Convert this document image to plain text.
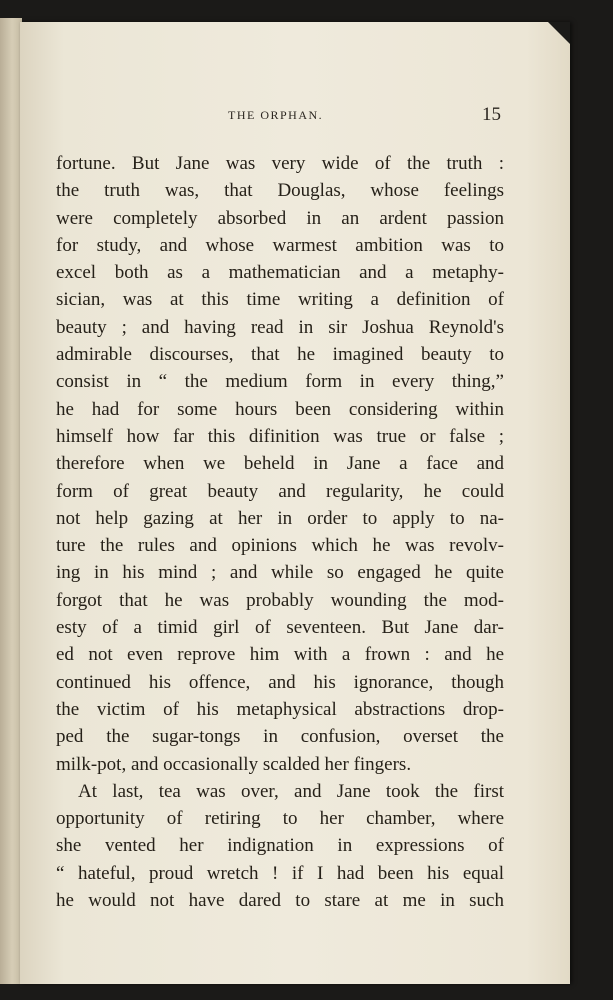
THE ORPHAN.	15
fortune. But Jane was very wide of the truth :
the truth was, that Douglas, whose feelings
were completely absorbed in an ardent passion
for study, and whose warmest ambition was to
excel both as a mathematician and a metaphy-
sician, was at this time writing a definition of
beauty ; and having read in sir Joshua Reynold's
admirable discourses, that he imagined beauty to
consist in “ the medium form in every thing,”
he had for some hours been considering within
himself how far this difinition was true or false ;
therefore when we beheld in Jane a face and
form of great beauty and regularity, he could
not help gazing at her in order to apply to na-
ture the rules and opinions which he was revolv-
ing in his mind ; and while so engaged he quite
forgot that he was probably wounding the mod-
esty of a timid girl of seventeen. But Jane dar-
ed not even reprove him with a frown : and he
continued his offence, and his ignorance, though
the victim of his metaphysical abstractions drop-
ped the sugar-tongs in confusion, overset the
milk-pot, and occasionally scalded her fingers.
At last, tea was over, and Jane took the first
opportunity of retiring to her chamber, where
she vented her indignation in expressions of
“ hateful, proud wretch ! if I had been his equal
he would not have dared to stare at me in such
